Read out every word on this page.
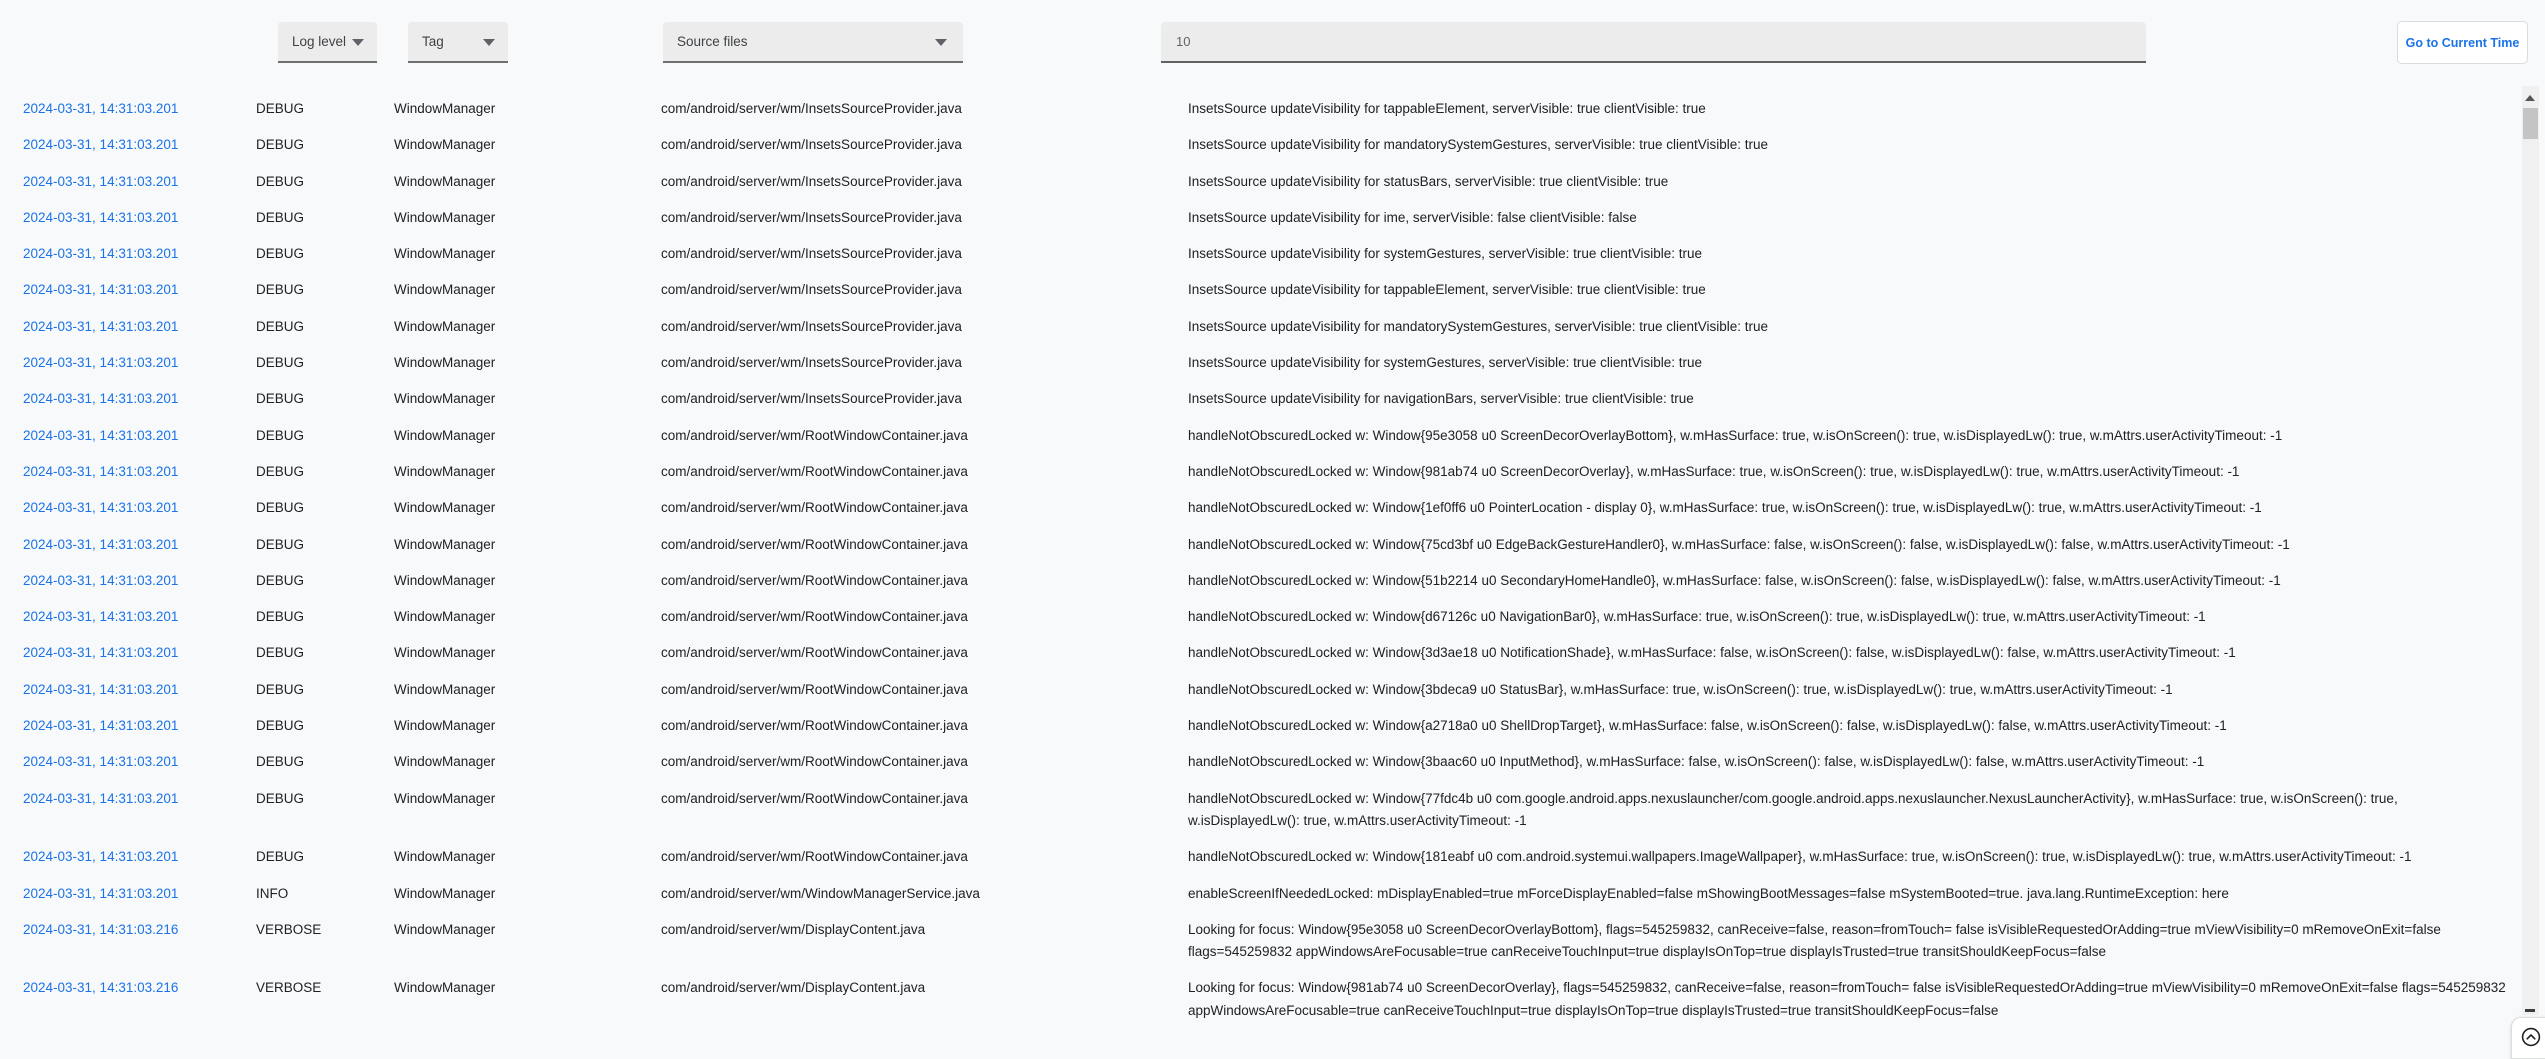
Log level	Tag	Source files
10	Go to Current Time
2024-03-31, 14:31:03.201	DEBUG	WindowManager	com/android/server/wm/InsetsSourceProvider.java	InsetsSource updateVisibility for tappableElement, serverVisible: true clientVisible: true
2024-03-31, 14:31:03.201	DEBUG	WindowManager	com/android/server/wm/InsetsSourceProvider.java	InsetsSource updateVisibility for mandatorySystemGestures, serverVisible: true clientVisible: true
2024-03-31, 14:31:03.201	DEBUG	WindowManager	com/android/server/wm/InsetsSourceProvider.java	InsetsSource updateVisibility for statusBars, serverVisible: true clientVisible: true
2024-03-31, 14:31:03.201	DEBUG	WindowManager	com/android/server/wm/InsetsSourceProvider.java	InsetsSource updateVisibility for ime, serverVisible: false clientVisible: false
2024-03-31, 14:31:03.201	DEBUG	WindowManager	com/android/server/wm/InsetsSourceProvider.java	InsetsSource updateVisibility for systemGestures, serverVisible: true clientVisible: true
2024-03-31, 14:31:03.201	DEBUG	WindowManager	com/android/server/wm/InsetsSourceProvider.java	InsetsSource updateVisibility for tappableElement, serverVisible: true clientVisible: true
2024-03-31, 14:31:03.201	DEBUG	WindowManager	com/android/server/wm/InsetsSourceProvider.java	InsetsSource updateVisibility for mandatorySystemGestures, serverVisible: true clientVisible: true
2024-03-31, 14:31:03.201	DEBUG	WindowManager	com/android/server/wm/InsetsSourceProvider.java	InsetsSource updateVisibility for systemGestures, serverVisible: true clientVisible: true
2024-03-31, 14:31:03.201	DEBUG	WindowManager	com/android/server/wm/InsetsSourceProvider.java	InsetsSource updateVisibility for navigationBars, serverVisible: true clientVisible: true
2024-03-31, 14:31:03.201	DEBUG	WindowManager	com/android/server/wm/RootWindowContainer.java	handleNotObscuredLocked w: Window{95e3058 u0 ScreenDecorOverlayBottom}, w.mHasSurface: true, w.isOnScreen(): true, w.isDisplayedLw(): true, w.mAttrs.userActivityTimeout: -1
2024-03-31, 14:31:03.201	DEBUG	WindowManager	com/android/server/wm/RootWindowContainer.java	handleNotObscuredLocked w: Window{981ab74 u0 ScreenDecorOverlay}, w.mHasSurface: true, w.isOnScreen(): true, w.isDisplayedLw(): true, w.mAttrs.userActivityTimeout: -1
2024-03-31, 14:31:03.201	DEBUG	WindowManager	com/android/server/wm/RootWindowContainer.java	handleNotObscuredLocked w: Window{1ef0ff6 u0 PointerLocation - display 0}, w.mHasSurface: true, w.isOnScreen(): true, w.isDisplayedLw(): true, w.mAttrs.userActivityTimeout: -1
2024-03-31, 14:31:03.201	DEBUG	WindowManager	com/android/server/wm/RootWindowContainer.java	handleNotObscuredLocked w: Window{75cd3bf u0 EdgeBackGestureHandler0}, w.mHasSurface: false, w.isOnScreen(): false, w.isDisplayedLw(): false, w.mAttrs.userActivityTimeout: -1
2024-03-31, 14:31:03.201	DEBUG	WindowManager	com/android/server/wm/RootWindowContainer.java	handleNotObscuredLocked w: Window{51b2214 u0 SecondaryHomeHandle0}, w.mHasSurface: false, w.isOnScreen(): false, w.isDisplayedLw(): false, w.mAttrs.userActivityTimeout: -1
2024-03-31, 14:31:03.201	DEBUG	WindowManager	com/android/server/wm/RootWindowContainer.java	handleNotObscuredLocked w: Window{d67126c u0 NavigationBar0}, w.mHasSurface: true, w.isOnScreen(): true, w.isDisplayedLw(): true, w.mAttrs.userActivityTimeout: -1
2024-03-31, 14:31:03.201	DEBUG	WindowManager	com/android/server/wm/RootWindowContainer.java	handleNotObscuredLocked w: Window{3d3ae18 u0 NotificationShade}, w.mHasSurface: false, w.isOnScreen(): false, w.isDisplayedLw(): false, w.mAttrs.userActivityTimeout: -1
2024-03-31, 14:31:03.201	DEBUG	WindowManager	com/android/server/wm/RootWindowContainer.java	handleNotObscuredLocked w: Window{3bdeca9 u0 StatusBar}, w.mHasSurface: true, w.isOnScreen(): true, w.isDisplayedLw(): true, w.mAttrs.userActivityTimeout: -1
2024-03-31, 14:31:03.201	DEBUG	WindowManager	com/android/server/wm/RootWindowContainer.java	handleNotObscuredLocked w: Window{a2718a0 u0 ShellDropTarget}, w.mHasSurface: false, w.isOnScreen(): false, w.isDisplayedLw(): false, w.mAttrs.userActivityTimeout: -1
2024-03-31, 14:31:03.201	DEBUG	WindowManager	com/android/server/wm/RootWindowContainer.java	handleNotObscuredLocked w: Window{3baac60 u0 InputMethod}, w.mHasSurface: false, w.isOnScreen(): false, w.isDisplayedLw(): false, w.mAttrs.userActivityTimeout: -1
2024-03-31, 14:31:03.201	DEBUG	WindowManager	com/android/server/wm/RootWindowContainer.java	handleNotObscuredLocked w: Window{77fdc4b u0 com.google.android.apps.nexuslauncher/com.google.android.apps.nexuslauncher.NexusLauncherActivity}, w.mHasSurface: true, w.isOnScreen(): true, w.isDisplayedLw(): true, w.mAttrs.userActivityTimeout: -1
2024-03-31, 14:31:03.201	DEBUG	WindowManager	com/android/server/wm/RootWindowContainer.java	handleNotObscuredLocked w: Window{181eabf u0 com.android.systemui.wallpapers.ImageWallpaper}, w.mHasSurface: true, w.isOnScreen(): true, w.isDisplayedLw(): true, w.mAttrs.userActivityTimeout: -1
2024-03-31, 14:31:03.201	INFO	WindowManager	com/android/server/wm/WindowManagerService.java	enableScreenIfNeededLocked: mDisplayEnabled=true mForceDisplayEnabled=false mShowingBootMessages=false mSystemBooted=true. java.lang.RuntimeException: here
2024-03-31, 14:31:03.216	VERBOSE	WindowManager	com/android/server/wm/DisplayContent.java	Looking for focus: Window{95e3058 u0 ScreenDecorOverlayBottom}, flags=545259832, canReceive=false, reason=fromTouch= false isVisibleRequestedOrAdding=true mViewVisibility=0 mRemoveOnExit=false flags=545259832 appWindowsAreFocusable=true canReceiveTouchInput=true displayIsOnTop=true displayIsTrusted=true transitShouldKeepFocus=false
2024-03-31, 14:31:03.216	VERBOSE	WindowManager	com/android/server/wm/DisplayContent.java	Looking for focus: Window{981ab74 u0 ScreenDecorOverlay}, flags=545259832, canReceive=false, reason=fromTouch= false isVisibleRequestedOrAdding=true mViewVisibility=0 mRemoveOnExit=false flags=545259832 appWindowsAreFocusable=true canReceiveTouchInput=true displayIsOnTop=true displayIsTrusted=true transitShouldKeepFocus=false
